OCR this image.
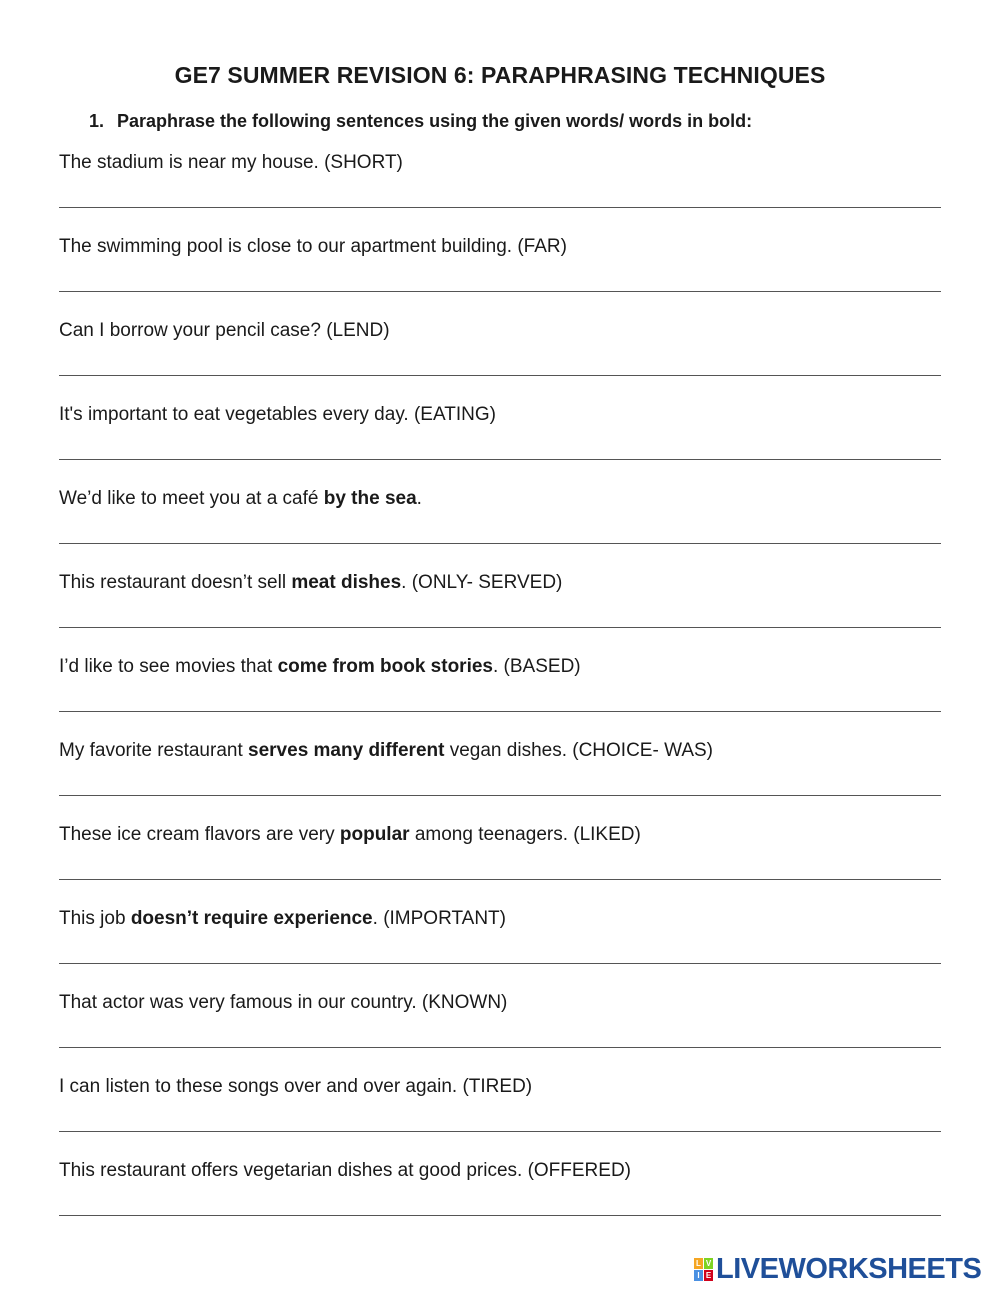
GE7 SUMMER REVISION 6: PARAPHRASING TECHNIQUES

1. Paraphrase the following sentences using the given words/ words in bold:

The stadium is near my house. (SHORT)
The swimming pool is close to our apartment building. (FAR)
Can I borrow your pencil case? (LEND)
It's important to eat vegetables every day. (EATING)
We’d like to meet you at a café by the sea.
This restaurant doesn’t sell meat dishes. (ONLY- SERVED)
I’d like to see movies that come from book stories. (BASED)
My favorite restaurant serves many different vegan dishes. (CHOICE- WAS)
These ice cream flavors are very popular among teenagers. (LIKED)
This job doesn’t require experience. (IMPORTANT)
That actor was very famous in our country. (KNOWN)
I can listen to these songs over and over again. (TIRED)
This restaurant offers vegetarian dishes at good prices. (OFFERED)
L V
I E LIVEWORKSHEETS
